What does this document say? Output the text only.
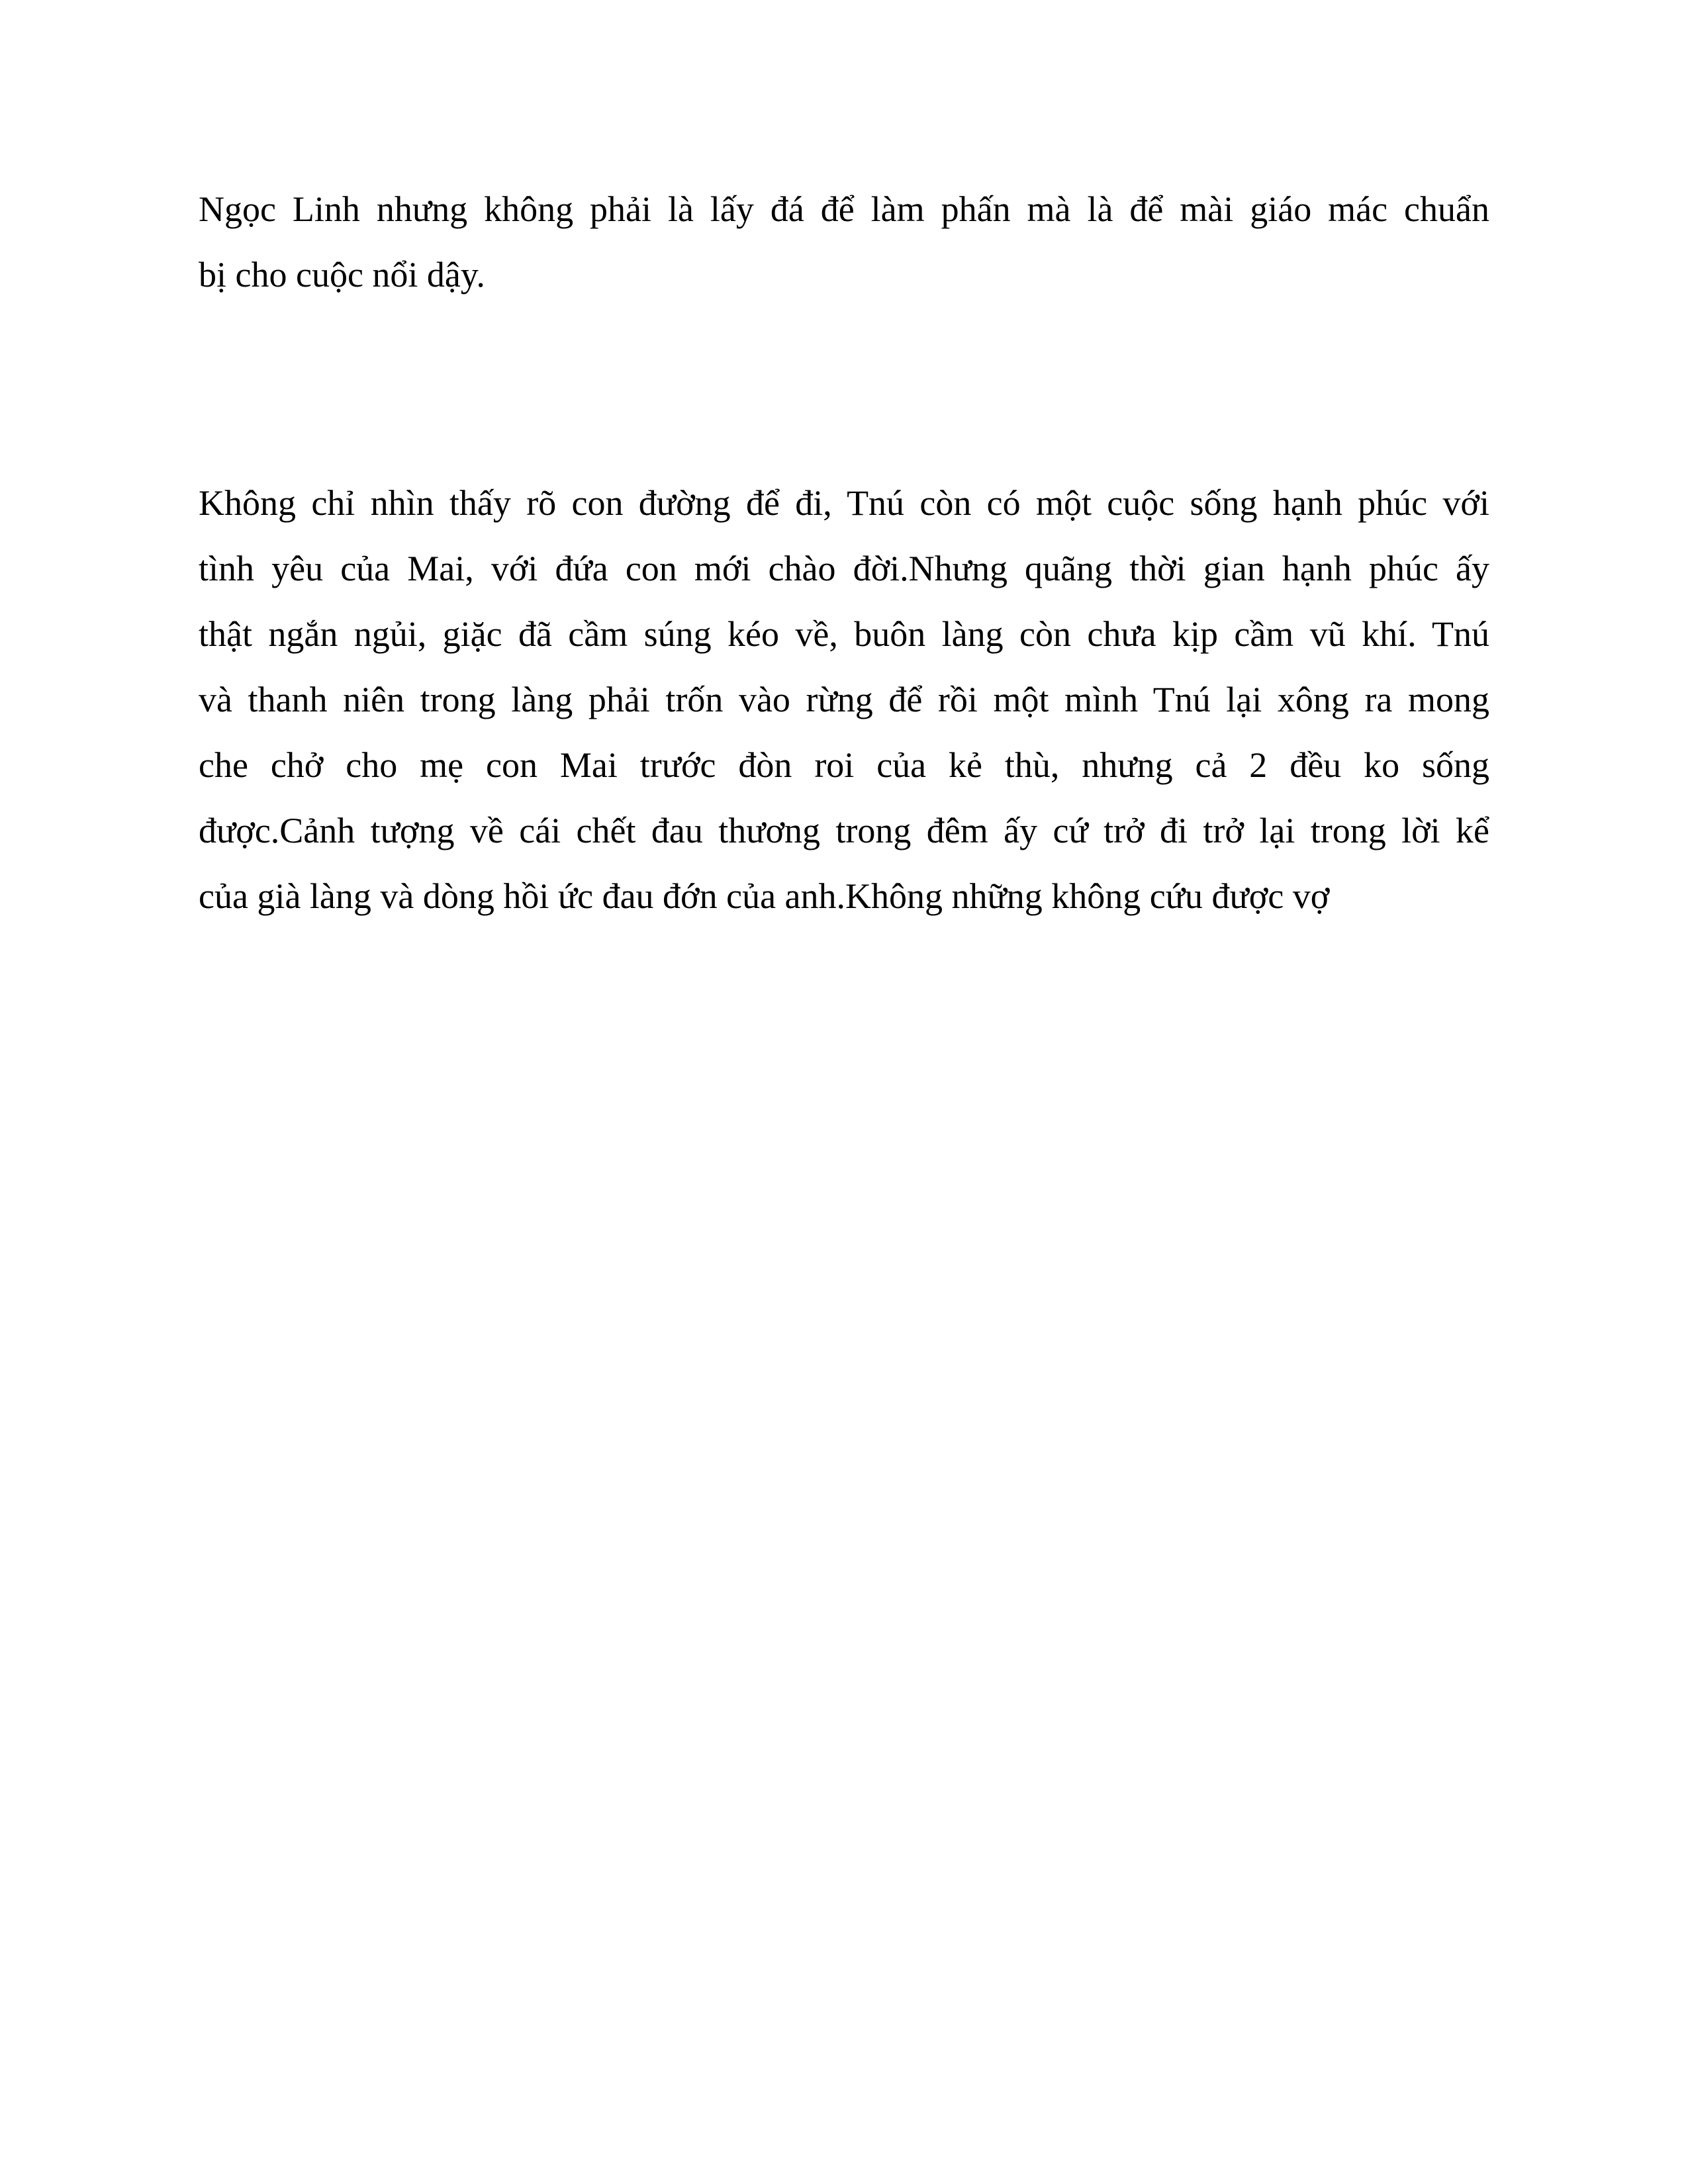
Ngọc Linh nhưng không phải là lấy đá để làm phấn mà là để mài giáo mác chuẩn
bị cho cuộc nổi dậy.

Không chỉ nhìn thấy rõ con đường để đi, Tnú còn có một cuộc sống hạnh phúc với
tình yêu của Mai, với đứa con mới chào đời.Nhưng quãng thời gian hạnh phúc ấy
thật ngắn ngủi, giặc đã cầm súng kéo về, buôn làng còn chưa kịp cầm vũ khí. Tnú
và thanh niên trong làng phải trốn vào rừng để rồi một mình Tnú lại xông ra mong
che chở cho mẹ con Mai trước đòn roi của kẻ thù, nhưng cả 2 đều ko sống
được.Cảnh tượng về cái chết đau thương trong đêm ấy cứ trở đi trở lại trong lời kể
của già làng và dòng hồi ức đau đớn của anh.Không những không cứu được vợ
